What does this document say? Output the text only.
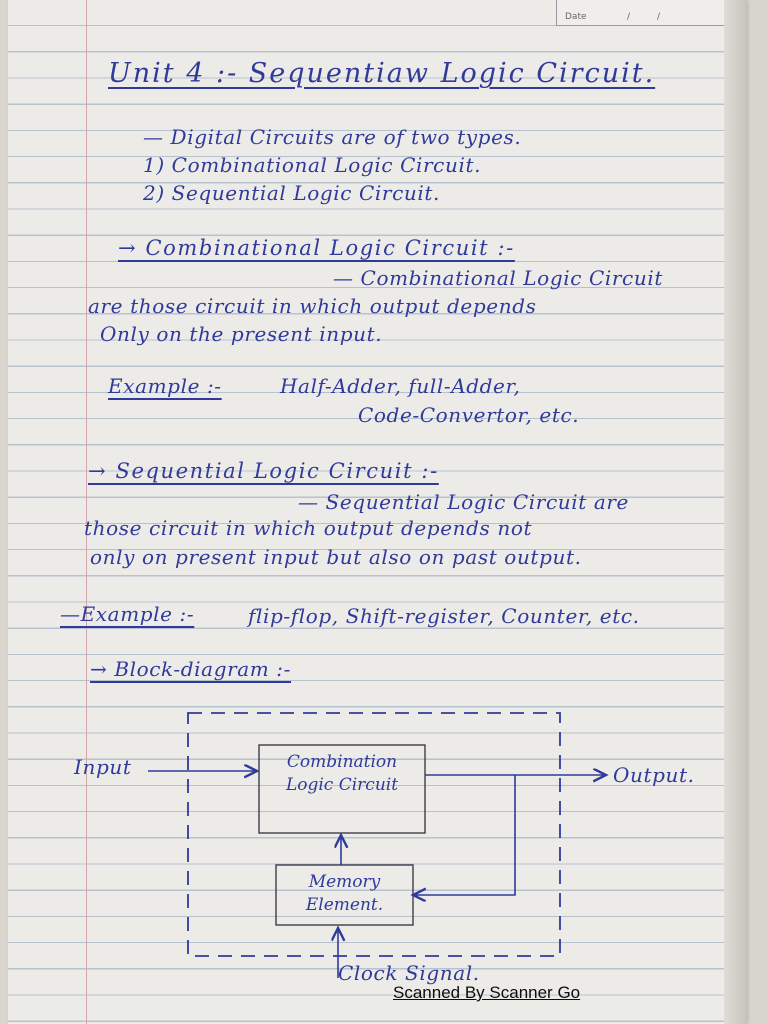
Date	/	/
Unit 4 :- Sequentiaw Logic Circuit.
— Digital Circuits are of two types.
1) Combinational Logic Circuit.
2) Sequential Logic Circuit.
→ Combinational Logic Circuit :-
— Combinational Logic Circuit
are those circuit in which output depends
Only on the present input.
Example :-	Half-Adder, full-Adder,
Code-Convertor, etc.
→ Sequential Logic Circuit :-
— Sequential Logic Circuit are
those circuit in which output depends not
only on present input but also on past output.
—Example :-	flip-flop, Shift-register, Counter, etc.
→ Block-diagram :-
Input	Output.
Combination
Logic Circuit
Memory
Element.
Clock Signal.
Scanned By Scanner Go
